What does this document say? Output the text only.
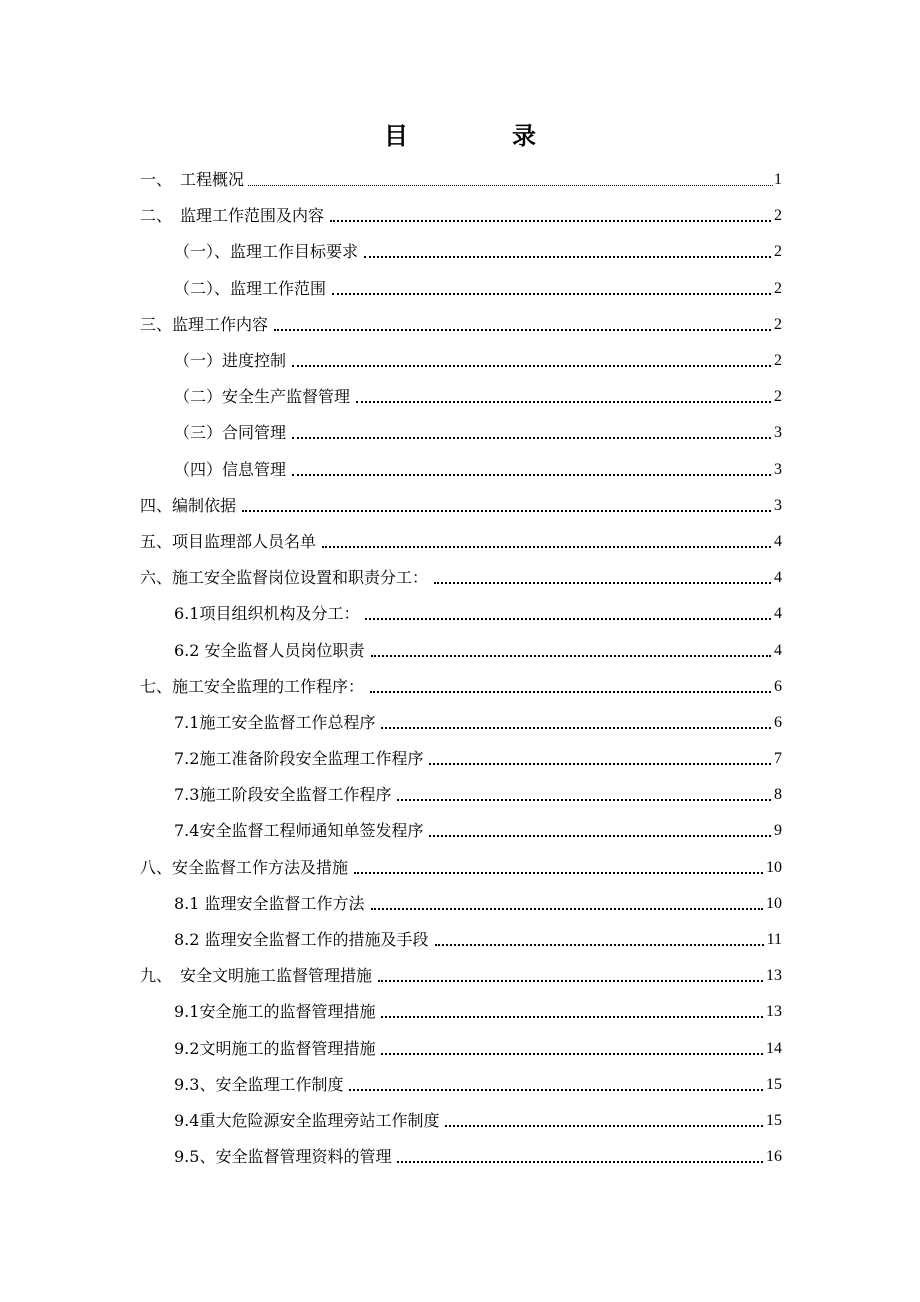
目　录
一、　工程概况	1
二、　监理工作范围及内容	2
（一）、监理工作目标要求	2
（二）、监理工作范围	2
三、监理工作内容	2
（一）进度控制	2
（二）安全生产监督管理	2
（三）合同管理	3
（四）信息管理	3
四、编制依据	3
五、项目监理部人员名单	4
六、施工安全监督岗位设置和职责分工：	4
6.1项目组织机构及分工：	4
6.2 安全监督人员岗位职责	4
七、施工安全监理的工作程序：	6
7.1施工安全监督工作总程序	6
7.2施工准备阶段安全监理工作程序	7
7.3施工阶段安全监督工作程序	8
7.4安全监督工程师通知单签发程序	9
八、安全监督工作方法及措施	10
8.1 监理安全监督工作方法	10
8.2 监理安全监督工作的措施及手段	11
九、　安全文明施工监督管理措施	13
9.1安全施工的监督管理措施	13
9.2文明施工的监督管理措施	14
9.3、安全监理工作制度	15
9.4重大危险源安全监理旁站工作制度	15
9.5、安全监督管理资料的管理	16
